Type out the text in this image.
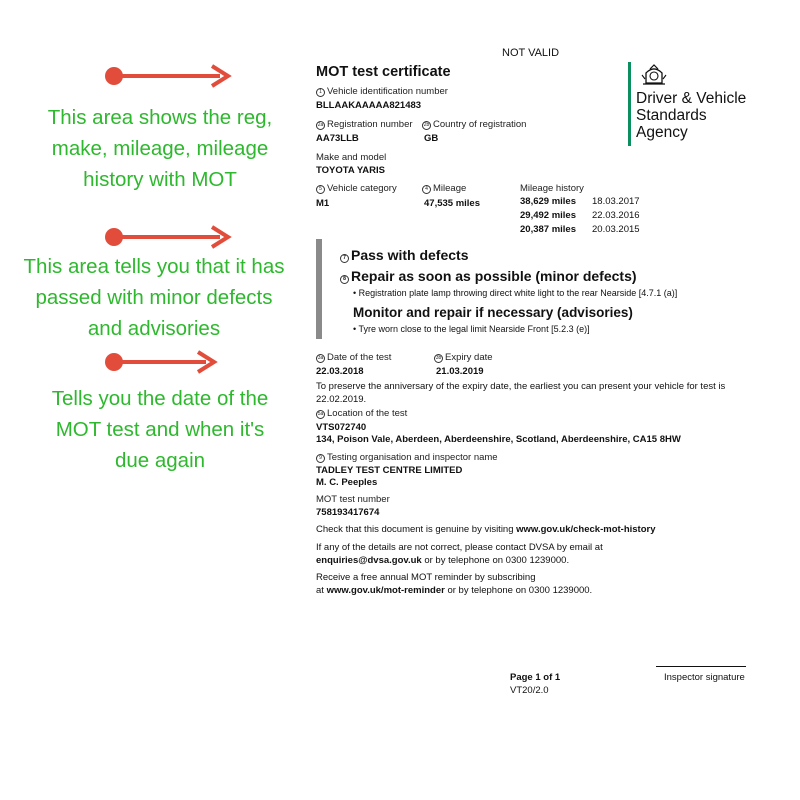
This area shows the reg,
make, mileage, mileage
history with MOT
This area tells you that it has
passed with minor defects
and advisories
Tells you the date of the
MOT test and when it's
due again
NOT VALID
MOT test certificate
Driver & Vehicle
Standards
Agency
1 Vehicle identification number
BLLAAKAAAAA821483
2a Registration number
AA73LLB
2b Country of registration
GB
Make and model
TOYOTA YARIS
5 Vehicle category
M1
4 Mileage
47,535 miles
Mileage history
38,629 miles 18.03.2017
29,492 miles 22.03.2016
20,387 miles 20.03.2015
7 Pass with defects
8 Repair as soon as possible (minor defects)
• Registration plate lamp throwing direct white light to the rear Nearside [4.7.1 (a)]
Monitor and repair if necessary (advisories)
• Tyre worn close to the legal limit Nearside Front [5.2.3 (e)]
3a Date of the test
22.03.2018
3b Expiry date
21.03.2019
To preserve the anniversary of the expiry date, the earliest you can present your vehicle for test is
22.02.2019.
5a Location of the test
VTS072740
134, Poison Vale, Aberdeen, Aberdeenshire, Scotland, Aberdeenshire, CA15 8HW
9 Testing organisation and inspector name
TADLEY TEST CENTRE LIMITED
M. C. Peeples
MOT test number
758193417674
Check that this document is genuine by visiting www.gov.uk/check-mot-history
If any of the details are not correct, please contact DVSA by email at
enquiries@dvsa.gov.uk or by telephone on 0300 1239000.
Receive a free annual MOT reminder by subscribing
at www.gov.uk/mot-reminder or by telephone on 0300 1239000.
Page 1 of 1
VT20/2.0
Inspector signature
